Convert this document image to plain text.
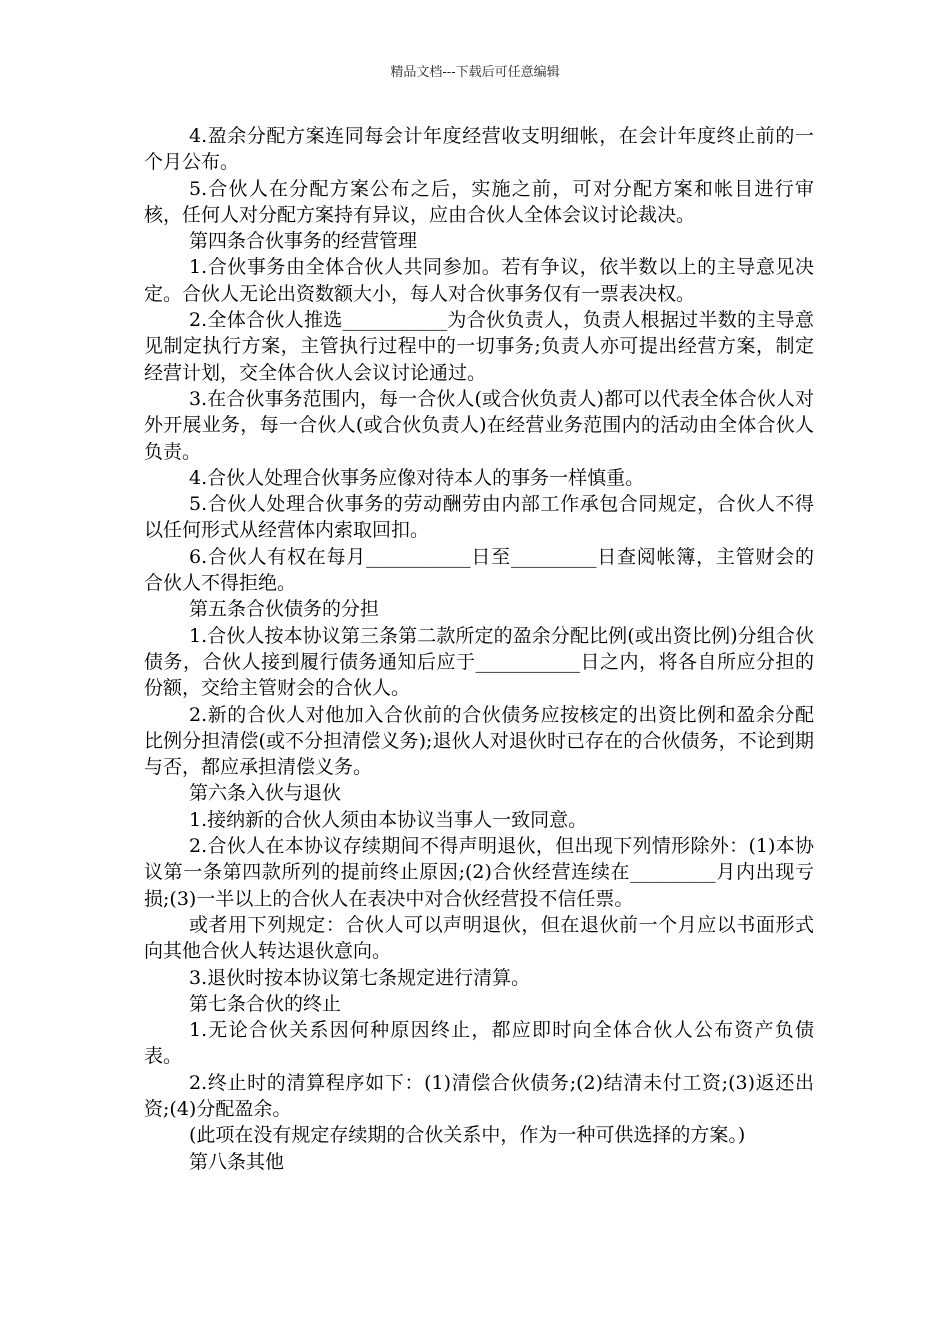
精品文档---下载后可任意编辑

4.盈余分配方案连同每会计年度经营收支明细帐，在会计年度终止前的一个月公布。

5.合伙人在分配方案公布之后，实施之前，可对分配方案和帐目进行审核，任何人对分配方案持有异议，应由合伙人全体会议讨论裁决。

第四条合伙事务的经营管理

1.合伙事务由全体合伙人共同参加。若有争议，依半数以上的主导意见决定。合伙人无论出资数额大小，每人对合伙事务仅有一票表决权。

2.全体合伙人推选___________为合伙负责人，负责人根据过半数的主导意见制定执行方案，主管执行过程中的一切事务;负责人亦可提出经营方案，制定经营计划，交全体合伙人会议讨论通过。

3.在合伙事务范围内，每一合伙人(或合伙负责人)都可以代表全体合伙人对外开展业务，每一合伙人(或合伙负责人)在经营业务范围内的活动由全体合伙人负责。

4.合伙人处理合伙事务应像对待本人的事务一样慎重。

5.合伙人处理合伙事务的劳动酬劳由内部工作承包合同规定，合伙人不得以任何形式从经营体内索取回扣。

6.合伙人有权在每月___________日至_________日查阅帐簿，主管财会的合伙人不得拒绝。

第五条合伙债务的分担

1.合伙人按本协议第三条第二款所定的盈余分配比例(或出资比例)分组合伙债务，合伙人接到履行债务通知后应于___________日之内，将各自所应分担的份额，交给主管财会的合伙人。

2.新的合伙人对他加入合伙前的合伙债务应按核定的出资比例和盈余分配比例分担清偿(或不分担清偿义务);退伙人对退伙时已存在的合伙债务，不论到期与否，都应承担清偿义务。

第六条入伙与退伙

1.接纳新的合伙人须由本协议当事人一致同意。

2.合伙人在本协议存续期间不得声明退伙，但出现下列情形除外：(1)本协议第一条第四款所列的提前终止原因;(2)合伙经营连续在_________月内出现亏损;(3)一半以上的合伙人在表决中对合伙经营投不信任票。

或者用下列规定：合伙人可以声明退伙，但在退伙前一个月应以书面形式向其他合伙人转达退伙意向。

3.退伙时按本协议第七条规定进行清算。

第七条合伙的终止

1.无论合伙关系因何种原因终止，都应即时向全体合伙人公布资产负债表。

2.终止时的清算程序如下：(1)清偿合伙债务;(2)结清未付工资;(3)返还出资;(4)分配盈余。

(此项在没有规定存续期的合伙关系中，作为一种可供选择的方案。)

第八条其他
